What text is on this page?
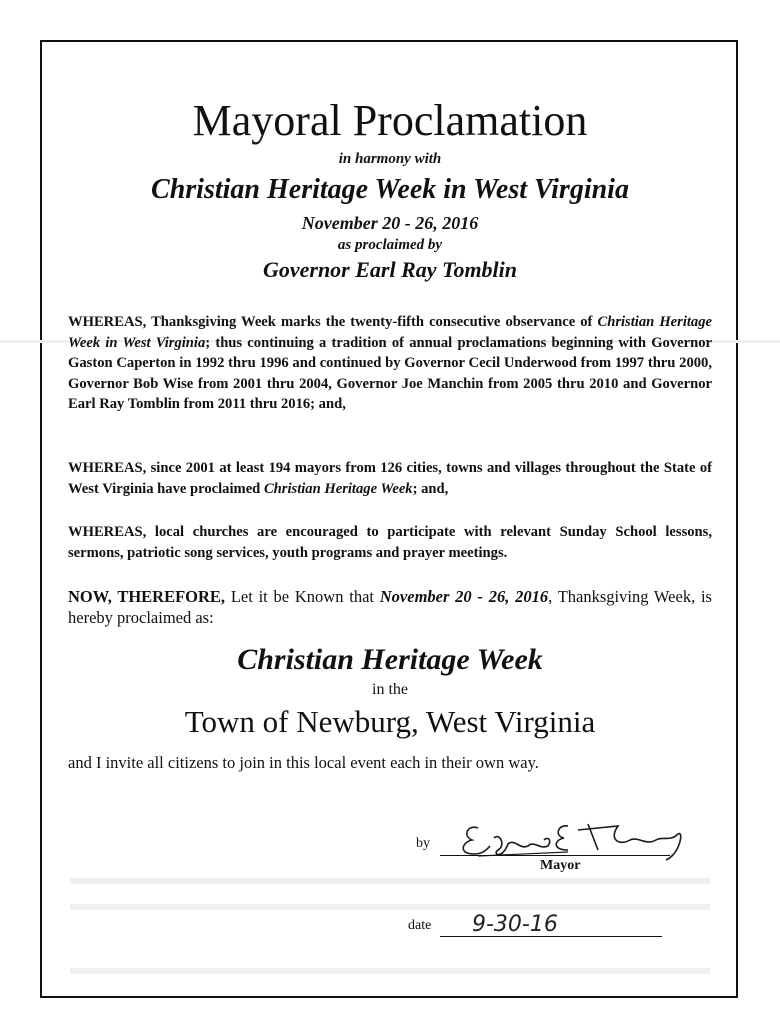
Mayoral Proclamation
in harmony with
Christian Heritage Week in West Virginia
November 20 - 26, 2016
as proclaimed by
Governor Earl Ray Tomblin
WHEREAS, Thanksgiving Week marks the twenty-fifth consecutive observance of Christian Heritage Week in West Virginia; thus continuing a tradition of annual proclamations beginning with Governor Gaston Caperton in 1992 thru 1996 and continued by Governor Cecil Underwood from 1997 thru 2000, Governor Bob Wise from 2001 thru 2004, Governor Joe Manchin from 2005 thru 2010 and Governor Earl Ray Tomblin from 2011 thru 2016; and,
WHEREAS, since 2001 at least 194 mayors from 126 cities, towns and villages throughout the State of West Virginia have proclaimed Christian Heritage Week; and,
WHEREAS, local churches are encouraged to participate with relevant Sunday School lessons, sermons, patriotic song services, youth programs and prayer meetings.
NOW, THEREFORE, Let it be Known that November 20 - 26, 2016, Thanksgiving Week, is hereby proclaimed as:
Christian Heritage Week
in the
Town of Newburg, West Virginia
and I invite all citizens to join in this local event each in their own way.
by
Mayor
date 9-30-16
